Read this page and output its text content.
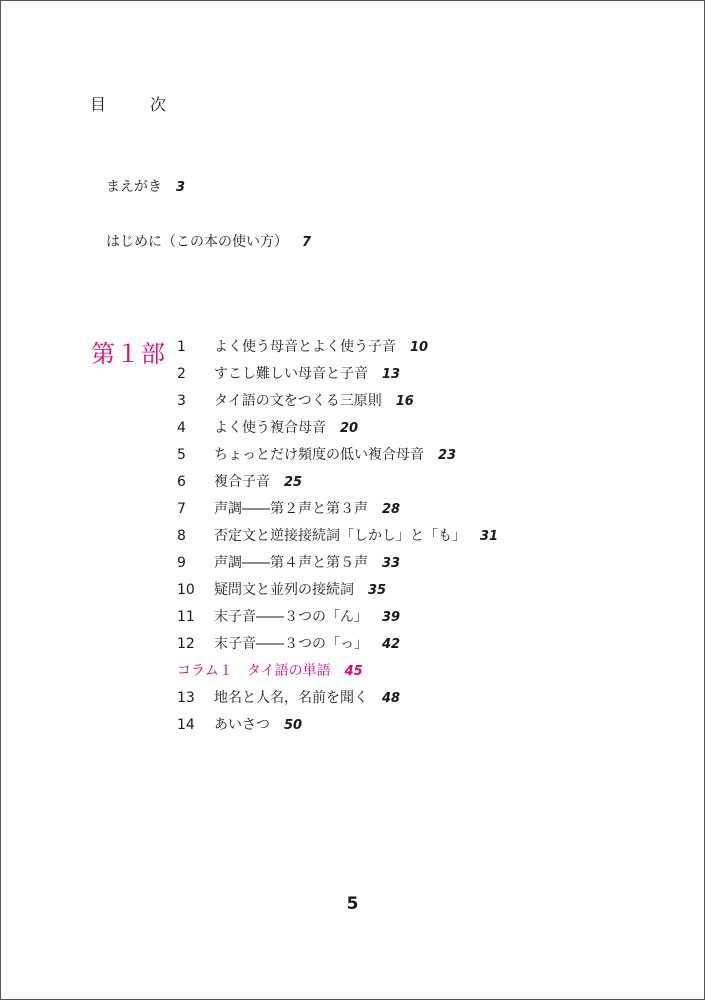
目　次
まえがき 3
はじめに（この本の使い方） 7
第１部 1 よく使う母音とよく使う子音 10
2 すこし難しい母音と子音 13
3 タイ語の文をつくる三原則 16
4 よく使う複合母音 20
5 ちょっとだけ頻度の低い複合母音 23
6 複合子音 25
7 声調――第２声と第３声 28
8 否定文と逆接接続詞「しかし」と「も」 31
9 声調――第４声と第５声 33
10 疑問文と並列の接続詞 35
11 末子音――３つの「ん」 39
12 末子音――３つの「っ」 42
コラム１　タイ語の単語 45
13 地名と人名，名前を聞く 48
14 あいさつ 50
5
